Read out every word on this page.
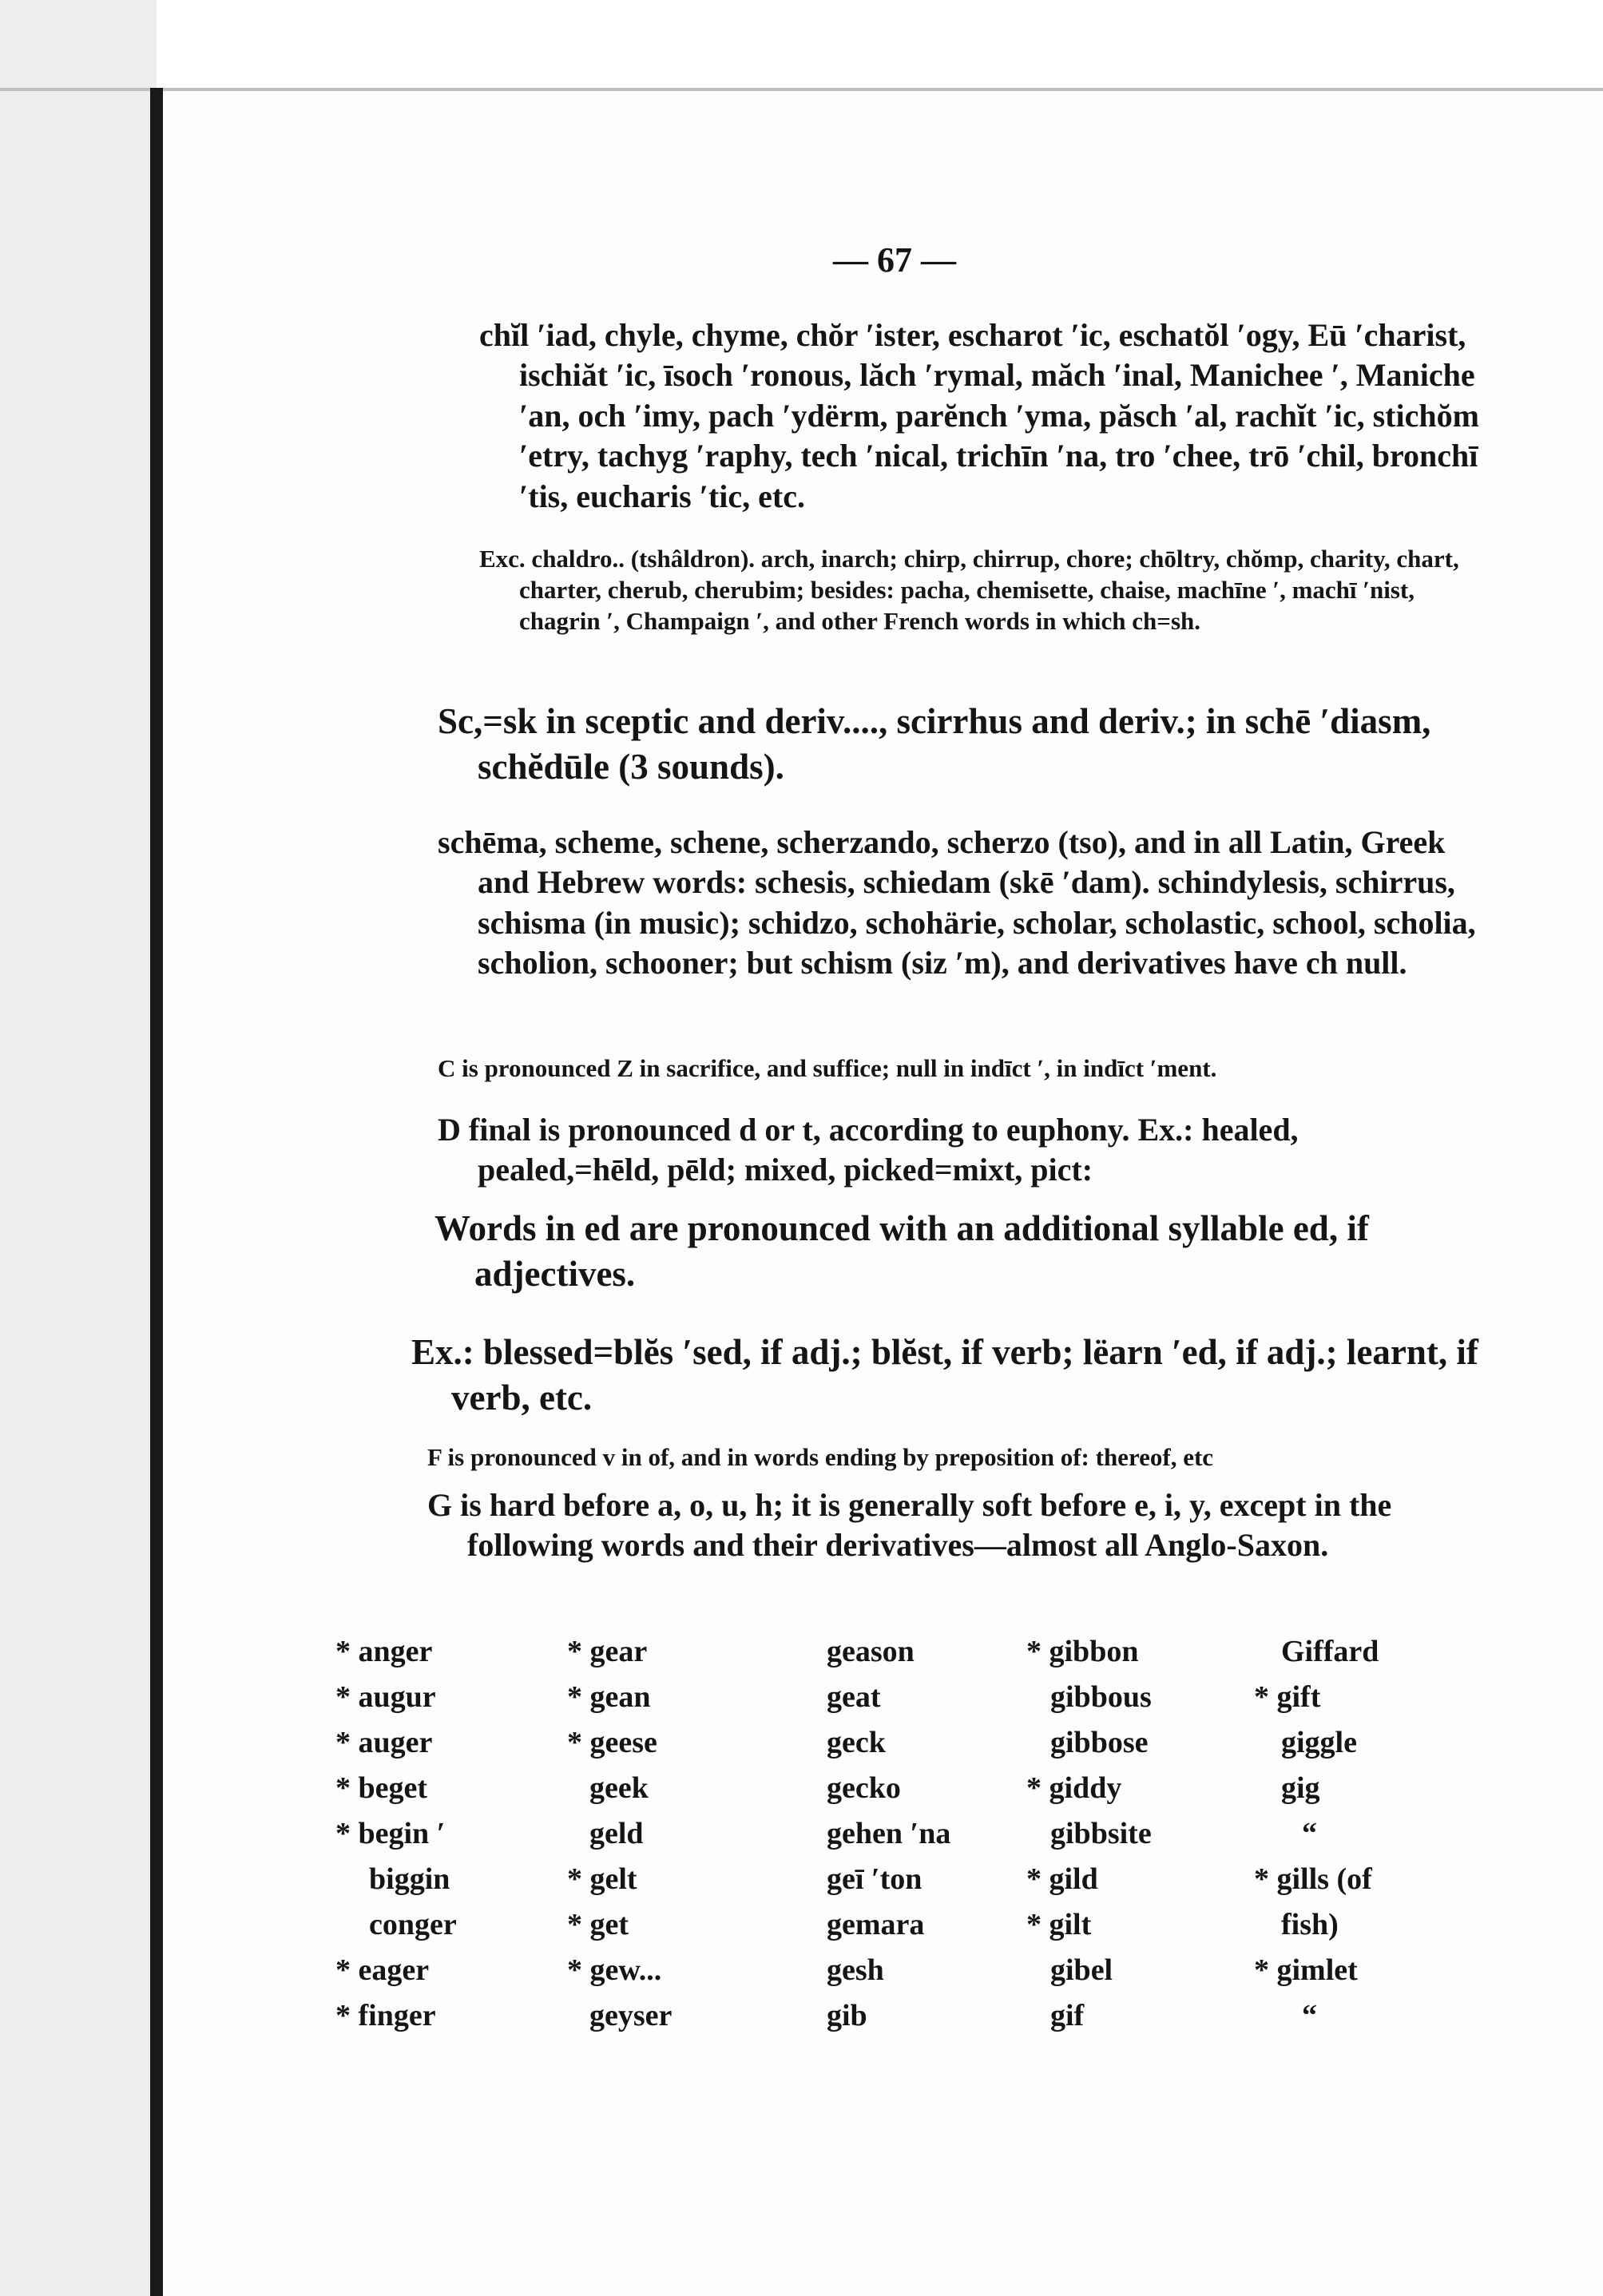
— 67 —

chĭl ʹiad, chyle, chyme, chŏr ʹister, escharot ʹic, eschatŏl ʹogy, Eū ʹcharist, ischiăt ʹic, īsoch ʹronous, lăch ʹrymal, măch ʹinal, Manichee ʹ, Maniche ʹan, och ʹimy, pach ʹydërm, parĕnch ʹyma, păsch ʹal, rachĭt ʹic, stichŏm ʹetry, tachyg ʹraphy, tech ʹnical, trichīn ʹna, tro ʹchee, trō ʹchil, bronchī ʹtis, eucharis ʹtic, etc.

Exc. chaldro.. (tshâldron). arch, inarch; chirp, chirrup, chore; chōltry, chŏmp, charity, chart, charter, cherub, cherubim; besides: pacha, chemisette, chaise, machīne ʹ, machī ʹnist, chagrin ʹ, Champaign ʹ, and other French words in which ch=sh.

Sc,=sk in sceptic and deriv...., scirrhus and deriv.; in schē ʹdiasm, schĕdūle (3 sounds).

schēma, scheme, schene, scherzando, scherzo (tso), and in all Latin, Greek and Hebrew words: schesis, schiedam (skē ʹdam). schindylesis, schirrus, schisma (in music); schidzo, schohärie, scholar, scholastic, school, scholia, scholion, schooner; but schism (siz ʹm), and derivatives have ch null.

C is pronounced Z in sacrifice, and suffice; null in indīct ʹ, in indīct ʹment.

D final is pronounced d or t, according to euphony. Ex.: healed, pealed,=hēld, pēld; mixed, picked=mixt, pict:

Words in ed are pronounced with an additional syllable ed, if adjectives.

Ex.: blessed=blĕs ʹsed, if adj.; blĕst, if verb; lëarn ʹed, if adj.; learnt, if verb, etc.

F is pronounced v in of, and in words ending by preposition of: thereof, etc

G is hard before a, o, u, h; it is generally soft before e, i, y, except in the following words and their derivatives—almost all Anglo-Saxon.

* anger
* augur
* auger
* beget
* begin ʹ
biggin
conger
* eager
* finger
* gear
* gean
* geese
geek
geld
* gelt
* get
* gew...
geyser
geason
geat
geck
gecko
gehen ʹna
geī ʹton
gemara
gesh
gib
* gibbon
gibbous
gibbose
* giddy
gibbsite
* gild
* gilt
gibel
gif
Giffard
* gift
giggle
gig
“
* gills (of
fish)
* gimlet
“
